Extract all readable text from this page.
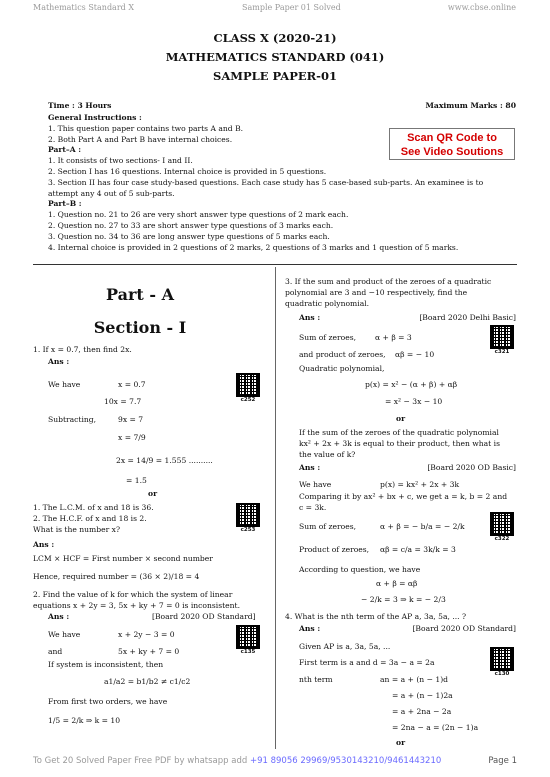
Mathematics Standard X	Sample Paper 01 Solved	www.cbse.online
CLASS X (2020-21)
MATHEMATICS STANDARD (041)
SAMPLE PAPER-01
Time : 3 Hours	Maximum Marks : 80
General Instructions :
1. This question paper contains two parts A and B.
2. Both Part A and Part B have internal choices.
Part–A :
1. It consists of two sections- I and II.
2. Section I has 16 questions. Internal choice is provided in 5 questions.
3. Section II has four case study-based questions. Each case study has 5 case-based sub-parts. An examinee is to
attempt any 4 out of 5 sub-parts.
Part–B :
1. Question no. 21 to 26 are very short answer type questions of 2 mark each.
2. Question no. 27 to 33 are short answer type questions of 3 marks each.
3. Question no. 34 to 36 are long answer type questions of 5 marks each.
4. Internal choice is provided in 2 questions of 2 marks, 2 questions of 3 marks and 1 question of 5 marks.
Scan QR Code to
See Video Soutions
Part - A
Section - I
1. If x = 0.7̄, then find 2x.
Ans :
We have	x = 0.7̄
10x = 7.7̄
Subtracting,	9x = 7
x = 7/9
2x = 14/9 = 1.555 ..........
= 1.5̄
c252
or
1. The L.C.M. of x and 18 is 36.
2. The H.C.F. of x and 18 is 2.
What is the number x?	c253
Ans :
LCM × HCF = First number × second number
Hence, required number = (36 × 2)/18 = 4
2. Find the value of k for which the system of linear
equations x + 2y = 3, 5x + ky + 7 = 0 is inconsistent.
Ans :	[Board 2020 OD Standard]
We have	x + 2y − 3 = 0
and	5x + ky + 7 = 0
If system is inconsistent, then
a1/a2 = b1/b2 ≠ c1/c2
From first two orders, we have
1/5 = 2/k ⇒ k = 10
c135
3. If the sum and product of the zeroes of a quadratic
polynomial are 3 and −10 respectively, find the
quadratic polynomial.
Ans :	[Board 2020 Delhi Basic]
Sum of zeroes, α + β = 3
and product of zeroes, αβ = − 10
Quadratic polynomial,
p(x) = x² − (α + β) + αβ
= x² − 3x − 10
c321
or
If the sum of the zeroes of the quadratic polynomial
kx² + 2x + 3k is equal to their product, then what is
the value of k?
Ans :	[Board 2020 OD Basic]
We have	p(x) = kx² + 2x + 3k
Comparing it by ax² + bx + c, we get a = k, b = 2 and
c = 3k.
Sum of zeroes,	α + β = − b/a = − 2/k
Product of zeroes, αβ = c/a = 3k/k = 3
According to question, we have
α + β = αβ
− 2/k = 3 ⇒ k = − 2/3
c322
4. What is the nth term of the AP a, 3a, 5a, ... ?
Ans :	[Board 2020 OD Standard]
Given AP is a, 3a, 5a, ...
First term is a and d = 3a − a = 2a
nth term	an = a + (n − 1)d
= a + (n − 1)2a
= a + 2na − 2a
= 2na − a = (2n − 1)a
c130
or
To Get 20 Solved Paper Free PDF by whatsapp add +91 89056 29969/9530143210/9461443210	Page 1
